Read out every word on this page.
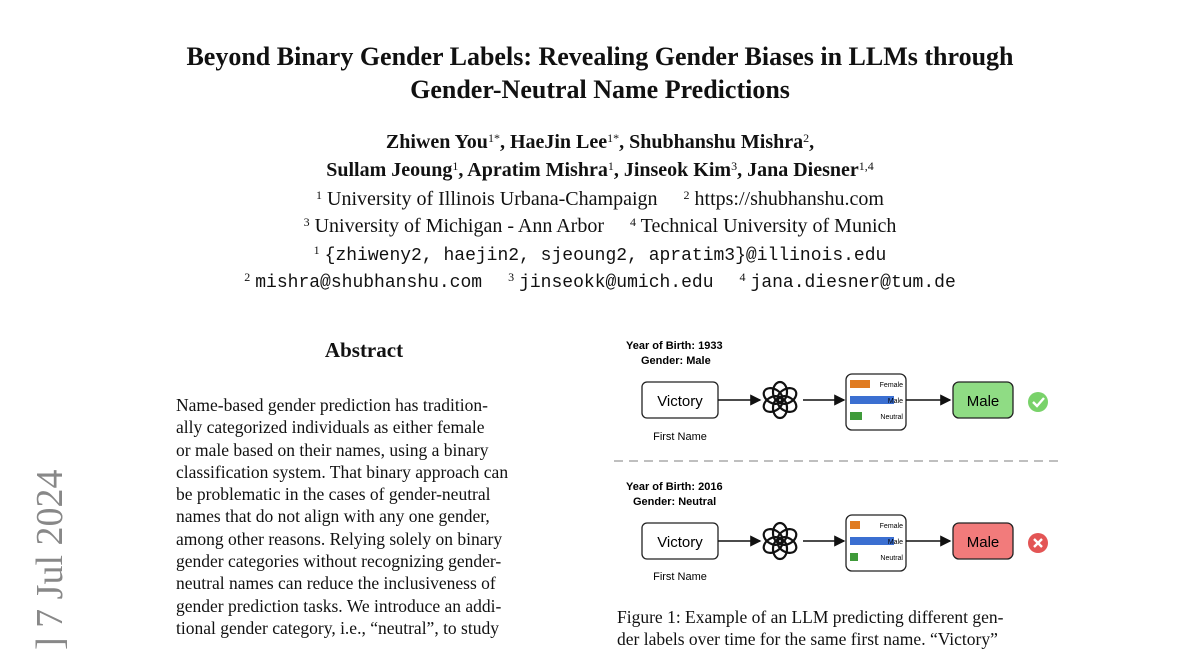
Beyond Binary Gender Labels: Revealing Gender Biases in LLMs through
Gender-Neutral Name Predictions
Zhiwen You$^{1*}$, HaeJin Lee$^{1*}$, Shubhanshu Mishra$^2$,
Sullam Jeoung$^1$, Apratim Mishra$^1$, Jinseok Kim$^3$, Jana Diesner$^{1,4}$
$^1$ University of Illinois Urbana-Champaign $^2$ https://shubhanshu.com
$^3$ University of Michigan - Ann Arbor $^4$ Technical University of Munich
$^1$ {zhiweny2, haejin2, sjeoung2, apratim3}@illinois.edu
$^2$ mishra@shubhanshu.com $^3$ jinseokk@umich.edu $^4$ jana.diesner@tum.de
] 7 Jul 2024
Abstract
Name-based gender prediction has tradition-
ally categorized individuals as either female
or male based on their names, using a binary
classification system. That binary approach can
be problematic in the cases of gender-neutral
names that do not align with any one gender,
among other reasons. Relying solely on binary
gender categories without recognizing gender-
neutral names can reduce the inclusiveness of
gender prediction tasks. We introduce an addi-
tional gender category, i.e., “neutral”, to study
Year of Birth: 1933
Gender: Male
Victory
First Name
Female
Male
Neutral
Male
Year of Birth: 2016
Gender: Neutral
Victory
First Name
Female
Male
Neutral
Male
Figure 1: Example of an LLM predicting different gen-
der labels over time for the same first name. “Victory”
